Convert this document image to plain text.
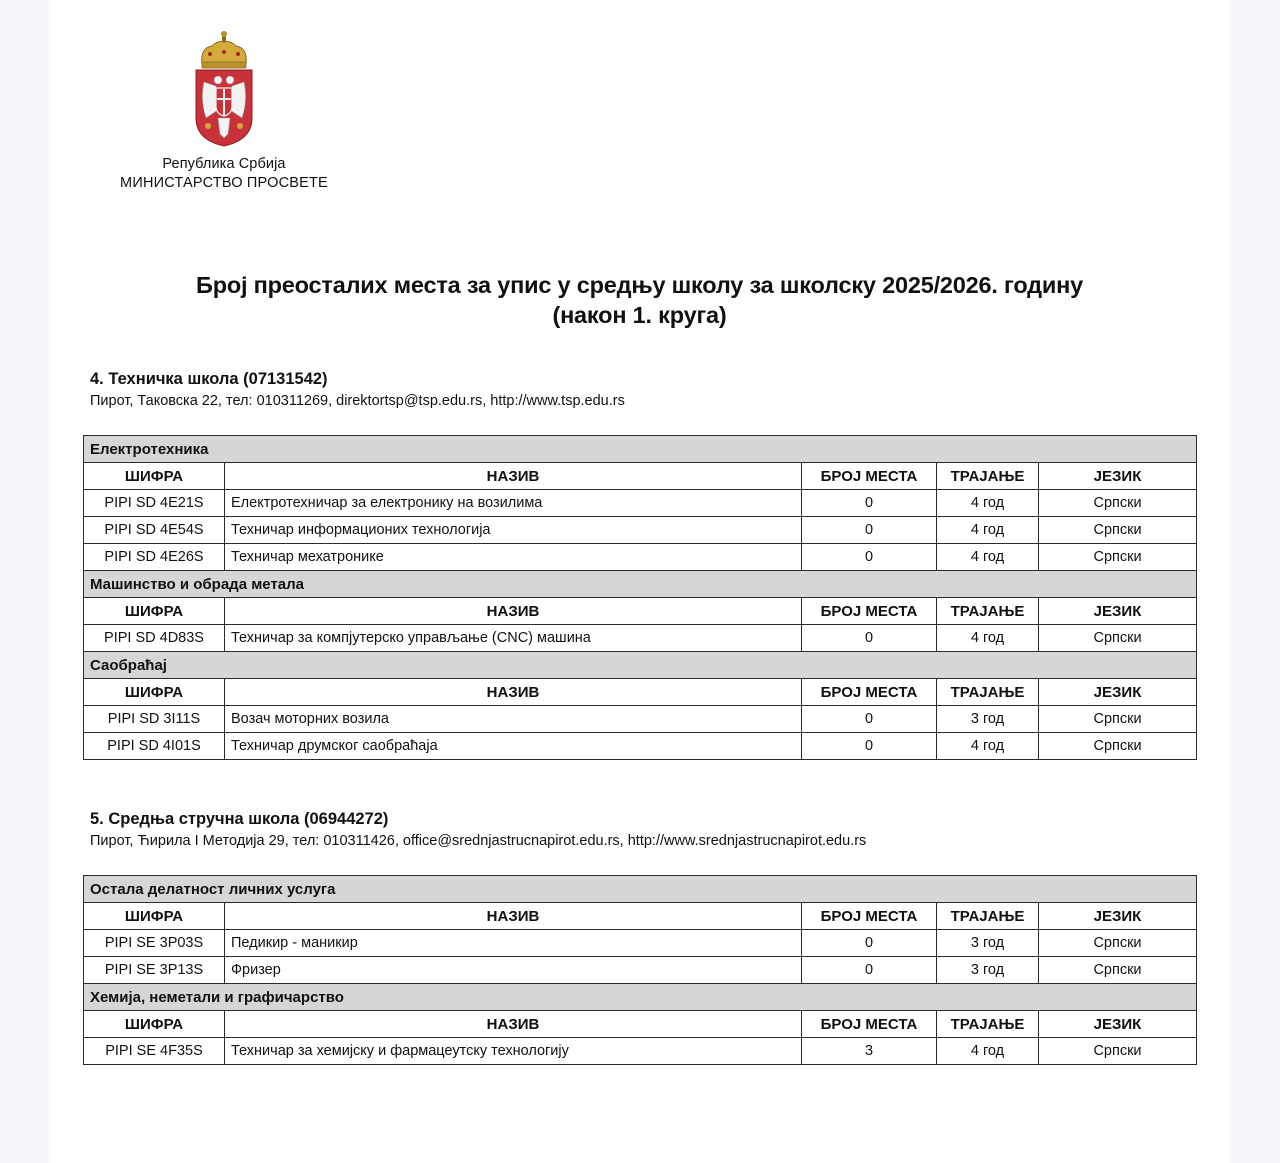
Република Србија
МИНИСТАРСТВО ПРОСВЕТЕ
Број преосталих места за упис у средњу школу за школску 2025/2026. годину
(након 1. круга)
4. Техничка школа (07131542)
Пирот, Таковска 22, тел: 010311269, direktortsp@tsp.edu.rs, http://www.tsp.edu.rs
Електротехника				
ШИФРА	НАЗИВ	БРОЈ МЕСТА	ТРАЈАЊЕ	ЈЕЗИК
PIPI SD 4E21S	Електротехничар за електронику на возилима	0	4 год	Српски
PIPI SD 4E54S	Техничар информационих технологија	0	4 год	Српски
PIPI SD 4E26S	Техничар мехатронике	0	4 год	Српски
Машинство и обрада метала				
ШИФРА	НАЗИВ	БРОЈ МЕСТА	ТРАЈАЊЕ	ЈЕЗИК
PIPI SD 4D83S	Техничар за компјутерско управљање (CNC) машина	0	4 год	Српски
Саобраћај				
ШИФРА	НАЗИВ	БРОЈ МЕСТА	ТРАЈАЊЕ	ЈЕЗИК
PIPI SD 3I11S	Возач моторних возила	0	3 год	Српски
PIPI SD 4I01S	Техничар друмског саобраћаја	0	4 год	Српски
5. Средња стручна школа (06944272)
Пирот, Ћирила I Методија 29, тел: 010311426, office@srednjastrucnapirot.edu.rs, http://www.srednjastrucnapirot.edu.rs
Остала делатност личних услуга				
ШИФРА	НАЗИВ	БРОЈ МЕСТА	ТРАЈАЊЕ	ЈЕЗИК
PIPI SE 3P03S	Педикир - маникир	0	3 год	Српски
PIPI SE 3P13S	Фризер	0	3 год	Српски
Хемија, неметали и графичарство				
ШИФРА	НАЗИВ	БРОЈ МЕСТА	ТРАЈАЊЕ	ЈЕЗИК
PIPI SE 4F35S	Техничар за хемијску и фармацеутску технологију	3	4 год	Српски
